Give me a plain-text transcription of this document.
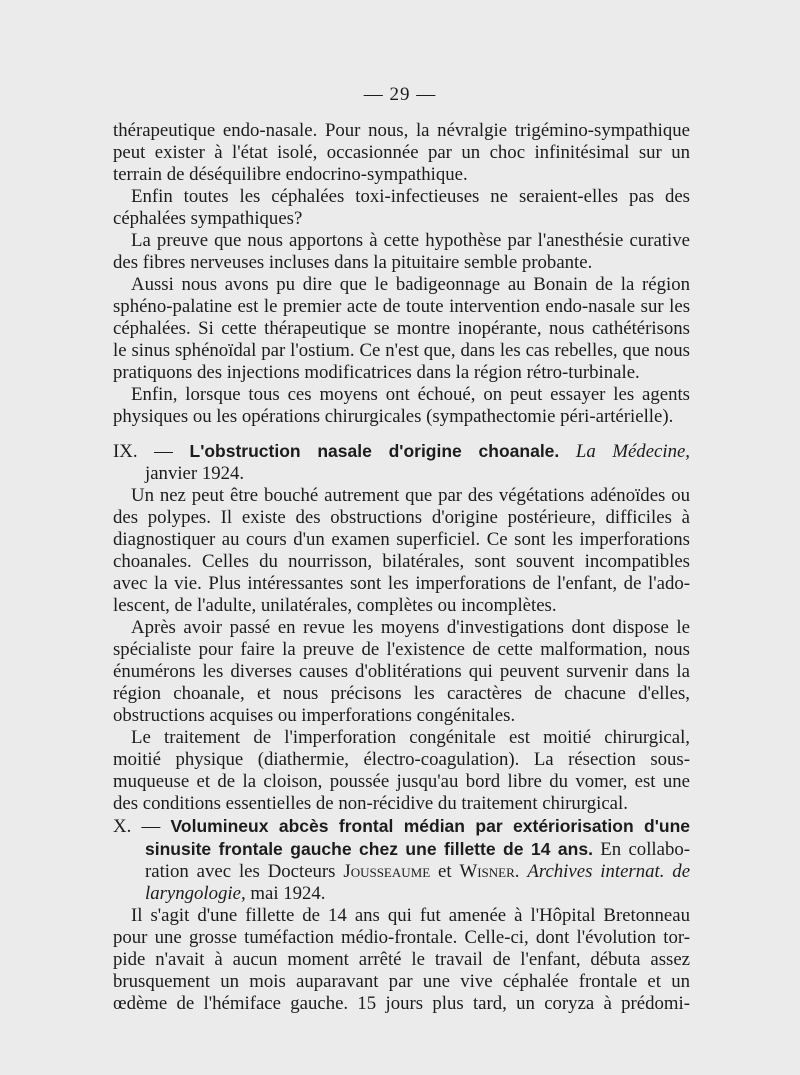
— 29 —

thérapeutique endo-nasale. Pour nous, la névralgie trigémino-sympathique

peut exister à l'état isolé, occasionnée par un choc infinitésimal sur un

terrain de déséquilibre endocrino-sympathique.

Enfin toutes les céphalées toxi-infectieuses ne seraient-elles pas des

céphalées sympathiques?

La preuve que nous apportons à cette hypothèse par l'anesthésie curative

des fibres nerveuses incluses dans la pituitaire semble probante.

Aussi nous avons pu dire que le badigeonnage au Bonain de la région

sphéno-palatine est le premier acte de toute intervention endo-nasale sur les

céphalées. Si cette thérapeutique se montre inopérante, nous cathétérisons

le sinus sphénoïdal par l'ostium. Ce n'est que, dans les cas rebelles, que nous

pratiquons des injections modificatrices dans la région rétro-turbinale.

Enfin, lorsque tous ces moyens ont échoué, on peut essayer les agents

physiques ou les opérations chirurgicales (sympathectomie péri-artérielle).

IX. — L'obstruction nasale d'origine choanale. La Médecine,

janvier 1924.

Un nez peut être bouché autrement que par des végétations adénoïdes ou

des polypes. Il existe des obstructions d'origine postérieure, difficiles à

diagnostiquer au cours d'un examen superficiel. Ce sont les imperforations

choanales. Celles du nourrisson, bilatérales, sont souvent incompatibles

avec la vie. Plus intéressantes sont les imperforations de l'enfant, de l'ado-

lescent, de l'adulte, unilatérales, complètes ou incomplètes.

Après avoir passé en revue les moyens d'investigations dont dispose le

spécialiste pour faire la preuve de l'existence de cette malformation, nous

énumérons les diverses causes d'oblitérations qui peuvent survenir dans la

région choanale, et nous précisons les caractères de chacune d'elles,

obstructions acquises ou imperforations congénitales.

Le traitement de l'imperforation congénitale est moitié chirurgical,

moitié physique (diathermie, électro-coagulation). La résection sous-

muqueuse et de la cloison, poussée jusqu'au bord libre du vomer, est une

des conditions essentielles de non-récidive du traitement chirurgical.

X. — Volumineux abcès frontal médian par extériorisation d'une

sinusite frontale gauche chez une fillette de 14 ans. En collabo-

ration avec les Docteurs Jousseaume et Wisner. Archives internat. de

laryngologie, mai 1924.

Il s'agit d'une fillette de 14 ans qui fut amenée à l'Hôpital Bretonneau

pour une grosse tuméfaction médio-frontale. Celle-ci, dont l'évolution tor-

pide n'avait à aucun moment arrêté le travail de l'enfant, débuta assez

brusquement un mois auparavant par une vive céphalée frontale et un

œdème de l'hémiface gauche. 15 jours plus tard, un coryza à prédomi-
